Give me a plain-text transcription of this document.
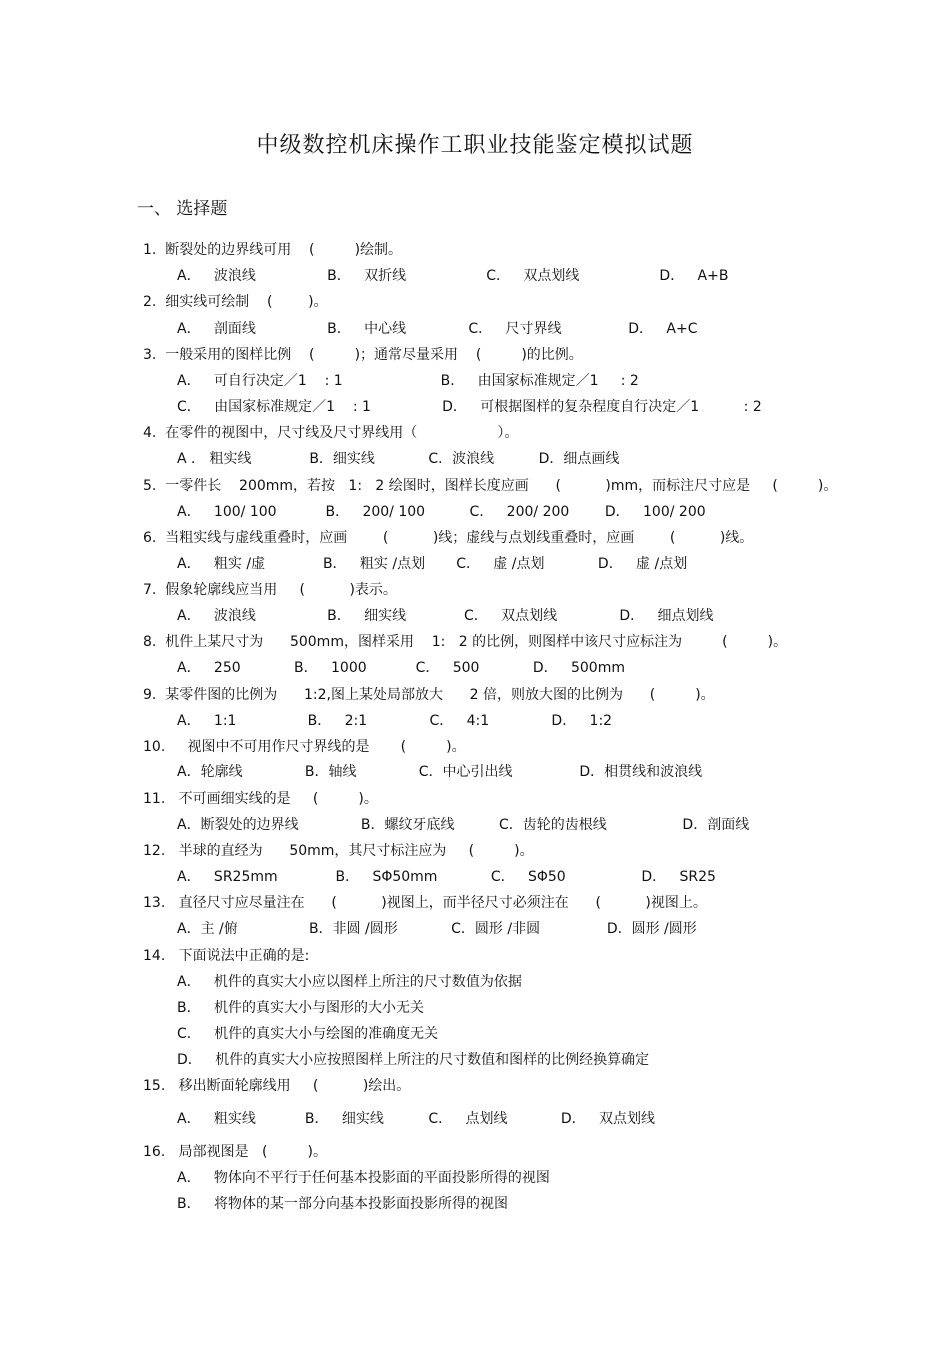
中级数控机床操作工职业技能鉴定模拟试题
一、 选择题
1.  断裂处的边界线可用    (         )绘制。
A．   波浪线                B．   双折线                  C．   双点划线                  D．   A+B
2.  细实线可绘制    (        )。
A．   剖面线                B．   中心线              C．   尺寸界线               D．   A+C
3.  一般采用的图样比例    (         )；通常尽量采用    (         )的比例。
A．   可自行决定／1    : 1                      B．   由国家标准规定／1     : 2
C．   由国家标准规定／1    : 1                D．   可根据图样的复杂程度自行决定／1          : 2
4.  在零件的视图中，尺寸线及尺寸界线用（                  ）。
A ． 粗实线             B．细实线            C．波浪线          D．细点画线
5.  一零件长    200mm，若按   1:   2 绘图时，图样长度应画      (          )mm，而标注尺寸应是     (         )。
A．   100/ 100           B．   200/ 100          C．   200/ 200        D．   100/ 200
6.  当粗实线与虚线重叠时，应画        (          )线；虚线与点划线重叠时，应画        (          )线。
A．   粗实 /虚             B．   粗实 /点划       C．   虚 /点划            D．   虚 /点划
7.  假象轮廓线应当用     (          )表示。
A．   波浪线                B．   细实线             C．   双点划线              D．   细点划线
8.  机件上某尺寸为      500mm，图样采用    1:   2 的比例，则图样中该尺寸应标注为         (         )。
A．   250            B．   1000           C．   500            D．   500mm
9.  某零件图的比例为      1:2,图上某处局部放大      2 倍，则放大图的比例为      (         )。
A．   1:1                B．   2:1              C．   4:1              D．   1:2
10.     视图中不可用作尺寸界线的是       (         )。
A．轮廓线              B．轴线              C．中心引出线               D．相贯线和波浪线
11.   不可画细实线的是     (         )。
A．断裂处的边界线              B．螺纹牙底线          C．齿轮的齿根线                 D．剖面线
12.   半球的直经为      50mm，其尺寸标注应为     (         )。
A．   SR25mm             B．   SΦ50mm            C．   SΦ50                 D．   SR25
13.   直径尺寸应尽量注在      (          )视图上，而半径尺寸必须注在      (          )视图上。
A．主 /俯                B．非圆 /圆形            C．圆形 /非圆               D．圆形 /圆形
14.   下面说法中正确的是:
A．   机件的真实大小应以图样上所注的尺寸数值为依据
B．   机件的真实大小与图形的大小无关
C．   机件的真实大小与绘图的准确度无关
D．   机件的真实大小应按照图样上所注的尺寸数值和图样的比例经换算确定
15.   移出断面轮廓线用     (          )绘出。
A．   粗实线           B．   细实线          C．   点划线            D．   双点划线
16.   局部视图是   (         )。
A．   物体向不平行于任何基本投影面的平面投影所得的视图
B．   将物体的某一部分向基本投影面投影所得的视图
